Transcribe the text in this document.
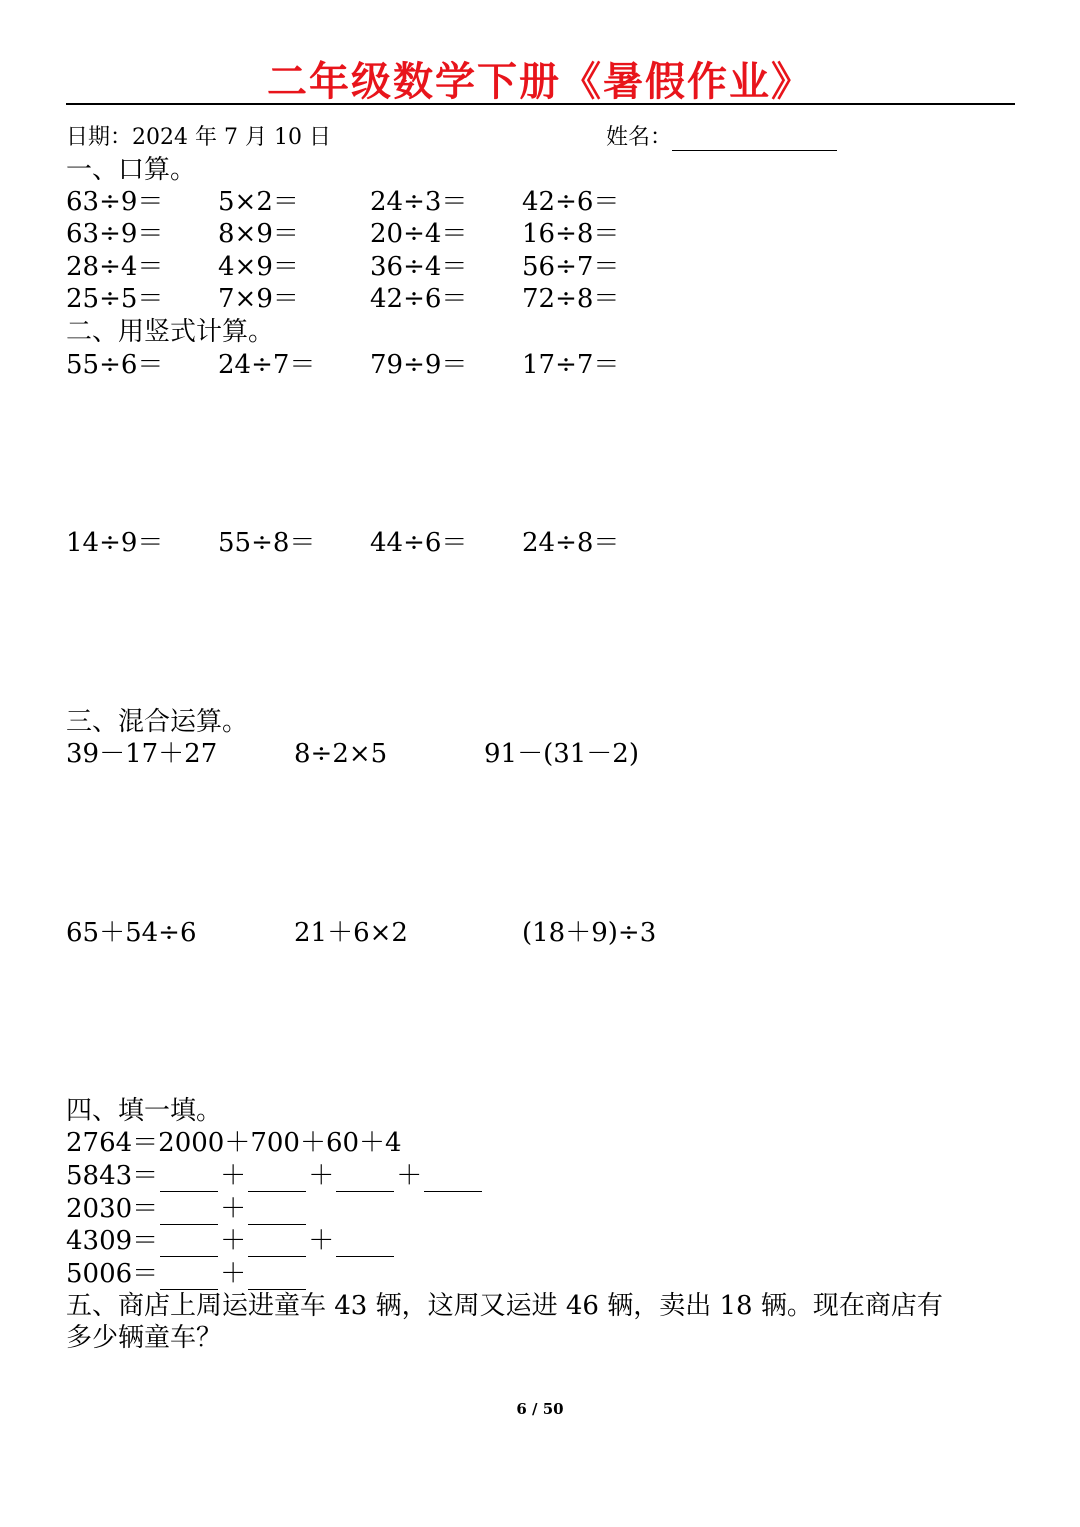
二年级数学下册《暑假作业》
日期：2024 年 7 月 10 日	姓名：
一、口算。
63÷9＝ 5×2＝	24÷3＝ 42÷6＝
63÷9＝ 8×9＝	20÷4＝ 16÷8＝
28÷4＝ 4×9＝	36÷4＝ 56÷7＝
25÷5＝ 7×9＝	42÷6＝ 72÷8＝
二、用竖式计算。
55÷6＝ 24÷7＝ 79÷9＝ 17÷7＝
14÷9＝ 55÷8＝ 44÷6＝ 24÷8＝
三、混合运算。
39－17＋27	8÷2×5	91－(31－2)
65＋54÷6	21＋6×2	(18＋9)÷3
四、填一填。
2764＝2000＋700＋60＋4
5843＝ ＋ ＋ ＋
2030＝ ＋
4309＝ ＋ ＋
5006＝ ＋
五、商店上周运进童车 43 辆，这周又运进 46 辆，卖出 18 辆。现在商店有
多少辆童车？
6 / 50
